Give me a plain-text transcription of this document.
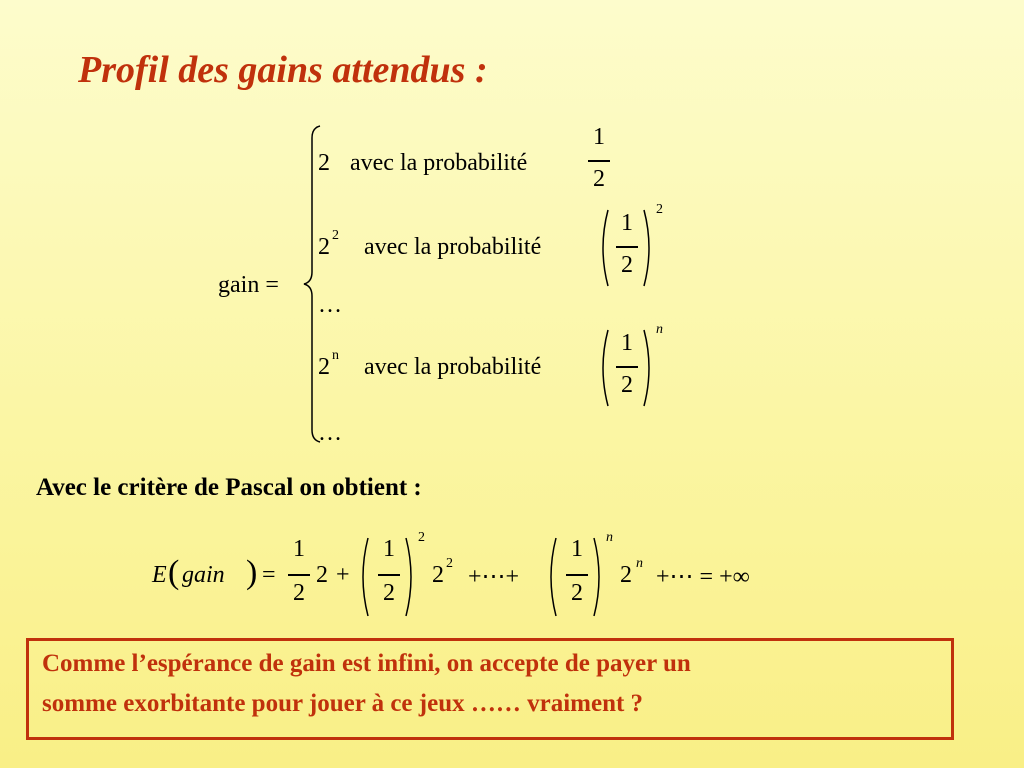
Profil des gains attendus :
gain =
2 avec la probabilité
1
2
2 2 avec la probabilité
1
2
2
…
2 n avec la probabilité
1
2
n
…
Avec le critère de Pascal on obtient :
E ( gain ) =
1
2
2 +
1
2
2
2 2
+⋯+
1
2
n
2 n
+⋯ = +∞
Comme l’espérance de gain est infini, on accepte de payer un
somme exorbitante pour jouer à ce jeux …… vraiment ?
